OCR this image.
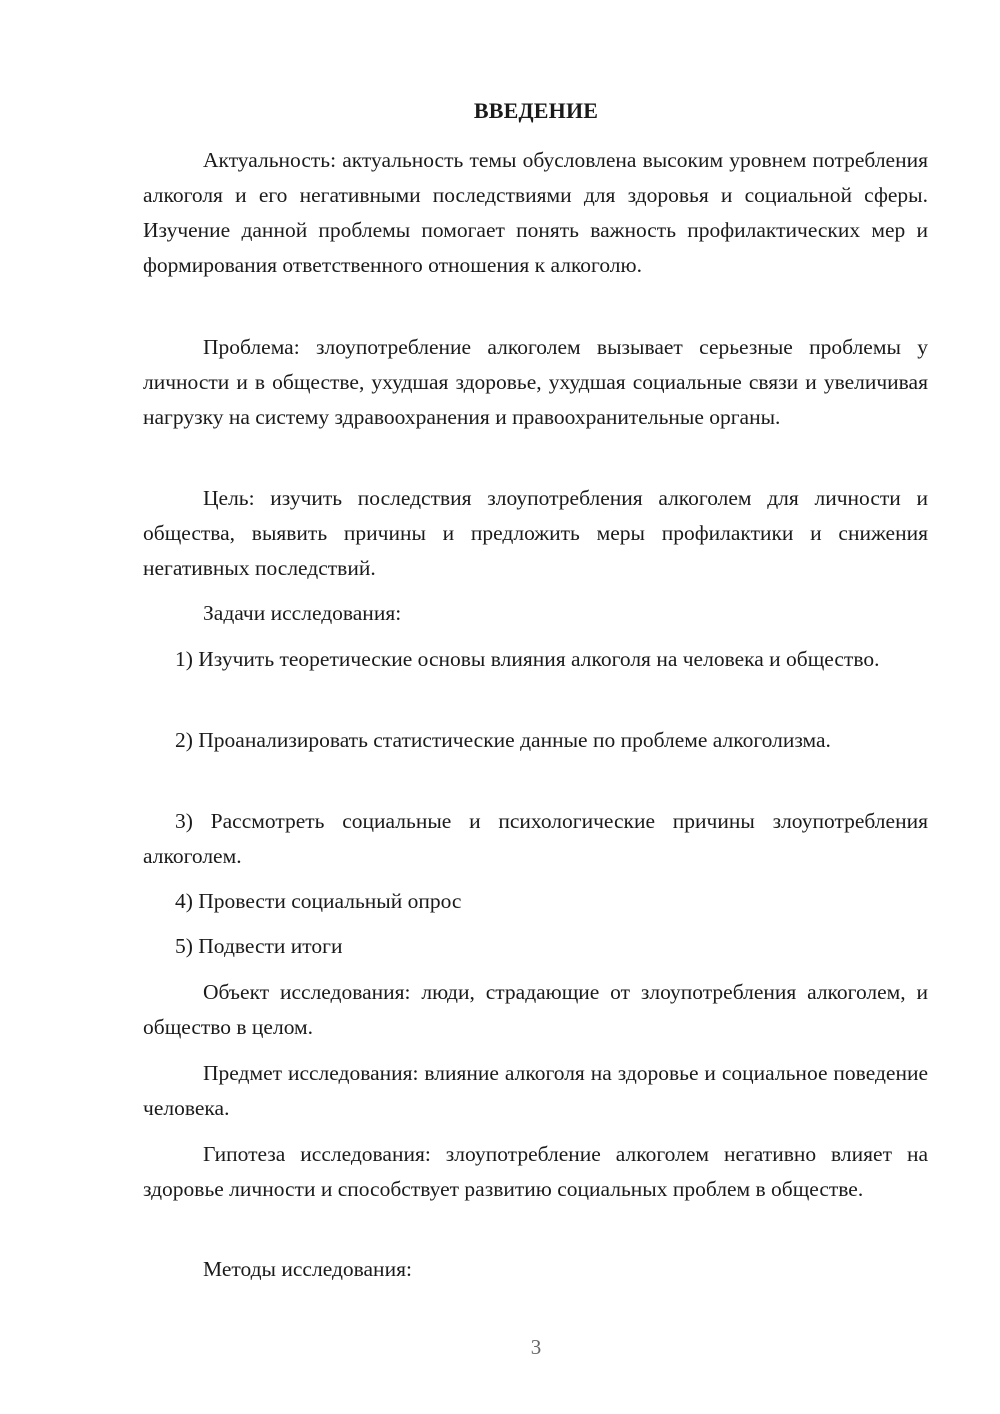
ВВЕДЕНИЕ

Актуальность: актуальность темы обусловлена высоким уровнем потребления алкоголя и его негативными последствиями для здоровья и социальной сферы. Изучение данной проблемы помогает понять важность профилактических мер и формирования ответственного отношения к алкоголю.

Проблема: злоупотребление алкоголем вызывает серьезные проблемы у личности и в обществе, ухудшая здоровье, ухудшая социальные связи и увеличивая нагрузку на систему здравоохранения и правоохранительные органы.

Цель: изучить последствия злоупотребления алкоголем для личности и общества, выявить причины и предложить меры профилактики и снижения негативных последствий.

Задачи исследования:

1) Изучить теоретические основы влияния алкоголя на человека и общество.

2) Проанализировать статистические данные по проблеме алкоголизма.

3) Рассмотреть социальные и психологические причины злоупотребления алкоголем.

4) Провести социальный опрос

5) Подвести итоги

Объект исследования: люди, страдающие от злоупотребления алкоголем, и общество в целом.

Предмет исследования: влияние алкоголя на здоровье и социальное поведение человека.

Гипотеза исследования: злоупотребление алкоголем негативно влияет на здоровье личности и способствует развитию социальных проблем в обществе.

Методы исследования:

3
